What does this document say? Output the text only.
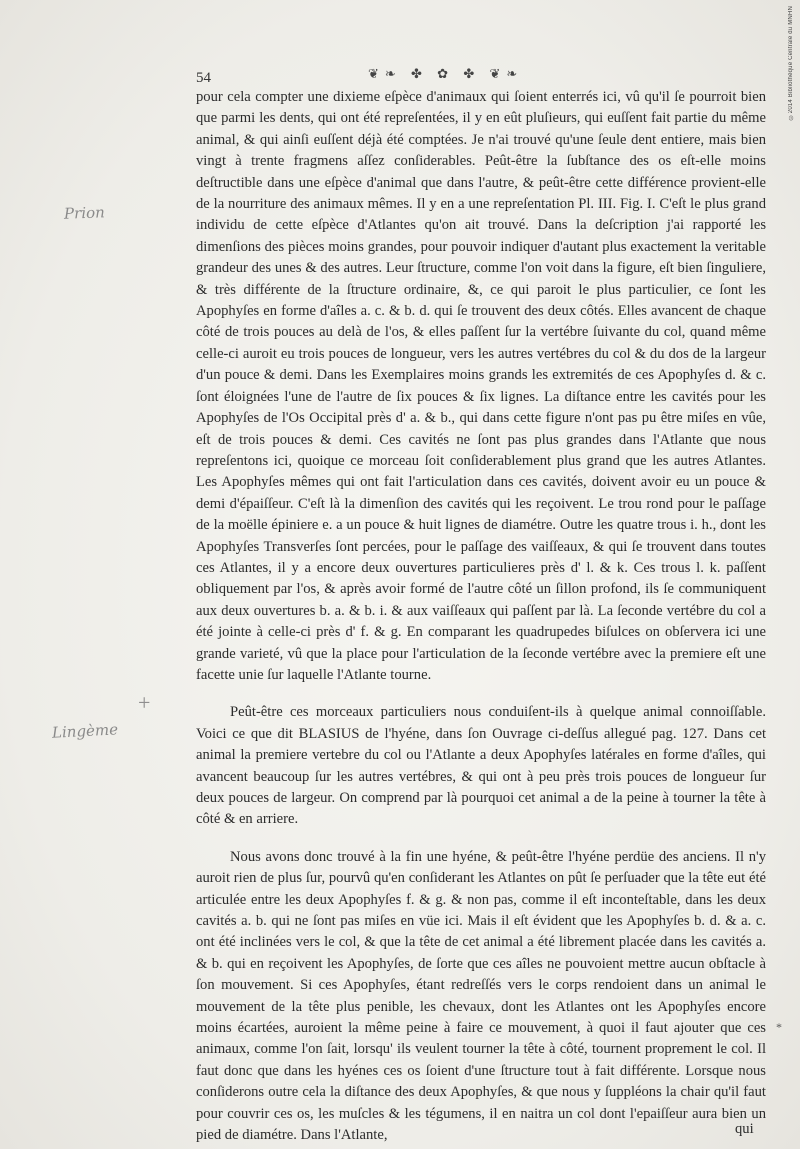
©2014 Bibliothèque Centrale du MNHN
54	❦❧ ✤ ✿ ✤ ❦❧
Prion
+
Lingème
*

pour cela compter une dixieme eſpèce d'animaux qui ſoient enterrés ici, vû qu'il ſe pourroit bien que parmi les dents, qui ont été repreſentées, il y en eût pluſieurs, qui euſſent fait partie du même animal, & qui ainſi euſſent déjà été comptées. Je n'ai trouvé qu'une ſeule dent entiere, mais bien vingt à trente fragmens aſſez conſiderables. Peût-être la ſubſtance des os eſt-elle moins deſtructible dans une eſpèce d'animal que dans l'autre, & peût-être cette différence provient-elle de la nourriture des animaux mêmes. Il y en a une repreſentation Pl. III. Fig. I. C'eſt le plus grand individu de cette eſpèce d'Atlantes qu'on ait trouvé. Dans la deſcription j'ai rapporté les dimenſions des pièces moins grandes, pour pouvoir indiquer d'autant plus exactement la veritable grandeur des unes & des autres. Leur ſtructure, comme l'on voit dans la figure, eſt bien ſinguliere, & très différente de la ſtructure ordinaire, &, ce qui paroit le plus particulier, ce ſont les Apophyſes en forme d'aîles a. c. & b. d. qui ſe trouvent des deux côtés. Elles avancent de chaque côté de trois pouces au delà de l'os, & elles paſſent ſur la vertébre ſuivante du col, quand même celle-ci auroit eu trois pouces de longueur, vers les autres vertébres du col & du dos de la largeur d'un pouce & demi. Dans les Exemplaires moins grands les extremités de ces Apophyſes d. & c. ſont éloignées l'une de l'autre de ſix pouces & ſix lignes. La diſtance entre les cavités pour les Apophyſes de l'Os Occipital près d' a. & b., qui dans cette figure n'ont pas pu être miſes en vûe, eſt de trois pouces & demi. Ces cavités ne ſont pas plus grandes dans l'Atlante que nous repreſentons ici, quoique ce morceau ſoit conſiderablement plus grand que les autres Atlantes. Les Apophyſes mêmes qui ont fait l'articulation dans ces cavités, doivent avoir eu un pouce & demi d'épaiſſeur. C'eſt là la dimenſion des cavités qui les reçoivent. Le trou rond pour le paſſage de la moëlle épiniere e. a un pouce & huit lignes de diamétre. Outre les quatre trous i. h., dont les Apophyſes Transverſes ſont percées, pour le paſſage des vaiſſeaux, & qui ſe trouvent dans toutes ces Atlantes, il y a encore deux ouvertures particulieres près d' l. & k. Ces trous l. k. paſſent obliquement par l'os, & après avoir formé de l'autre côté un ſillon profond, ils ſe communiquent aux deux ouvertures b. a. & b. i. & aux vaiſſeaux qui paſſent par là. La ſeconde vertébre du col a été jointe à celle-ci près d' f. & g. En comparant les quadrupedes biſulces on obſervera ici une grande varieté, vû que la place pour l'articulation de la ſeconde vertébre avec la premiere eſt une facette unie ſur laquelle l'Atlante tourne.

Peût-être ces morceaux particuliers nous conduiſent-ils à quelque animal connoiſſable. Voici ce que dit BLASIUS de l'hyéne, dans ſon Ouvrage ci-deſſus allegué pag. 127. Dans cet animal la premiere vertebre du col ou l'Atlante a deux Apophyſes latérales en forme d'aîles, qui avancent beaucoup ſur les autres vertébres, & qui ont à peu près trois pouces de longueur ſur deux pouces de largeur. On comprend par là pourquoi cet animal a de la peine à tourner la tête à côté & en arriere.

Nous avons donc trouvé à la fin une hyéne, & peût-être l'hyéne perdüe des anciens. Il n'y auroit rien de plus ſur, pourvû qu'en conſiderant les Atlantes on pût ſe perſuader que la tête eut été articulée entre les deux Apophyſes f. & g. & non pas, comme il eſt inconteſtable, dans les deux cavités a. b. qui ne ſont pas miſes en vüe ici. Mais il eſt évident que les Apophyſes b. d. & a. c. ont été inclinées vers le col, & que la tête de cet animal a été librement placée dans les cavités a. & b. qui en reçoivent les Apophyſes, de ſorte que ces aîles ne pouvoient mettre aucun obſtacle à ſon mouvement. Si ces Apophyſes, étant redreſſés vers le corps rendoient dans un animal le mouvement de la tête plus penible, les chevaux, dont les Atlantes ont les Apophyſes encore moins écartées, auroient la même peine à faire ce mouvement, à quoi il faut ajouter que ces animaux, comme l'on ſait, lorsqu' ils veulent tourner la tête à côté, tournent proprement le col. Il faut donc que dans les hyénes ces os ſoient d'une ſtructure tout à fait différente. Lorsque nous conſiderons outre cela la diſtance des deux Apophyſes, & que nous y ſuppléons la chair qu'il faut pour couvrir ces os, les muſcles & les tégumens, il en naitra un col dont l'epaiſſeur aura bien un pied de diamétre. Dans l'Atlante,	qui
